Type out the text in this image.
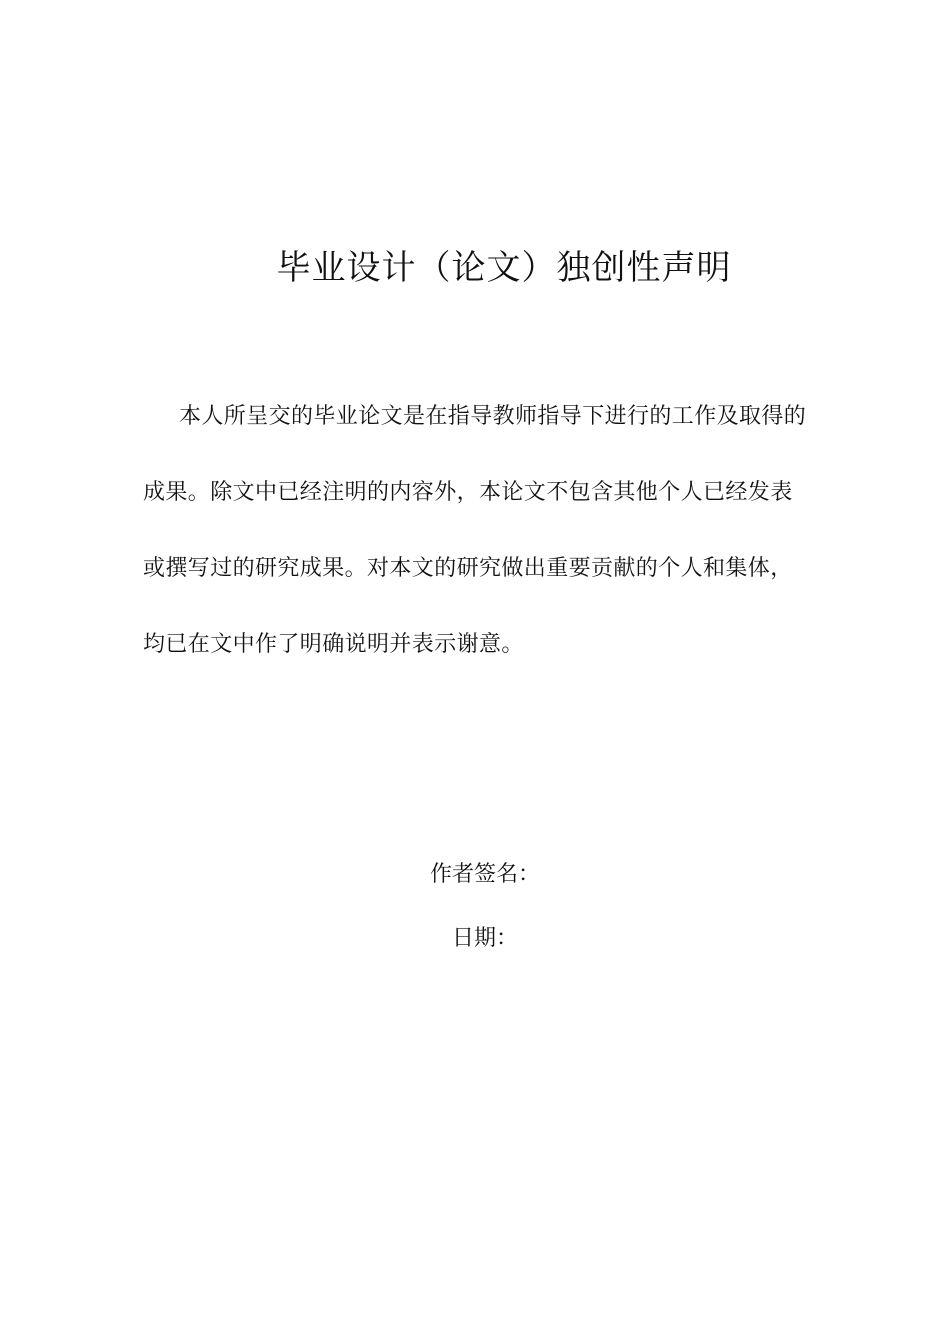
毕业设计（论文）独创性声明
本人所呈交的毕业论文是在指导教师指导下进行的工作及取得的
成果。除文中已经注明的内容外，本论文不包含其他个人已经发表
或撰写过的研究成果。对本文的研究做出重要贡献的个人和集体，
均已在文中作了明确说明并表示谢意。
作者签名：
日期：
